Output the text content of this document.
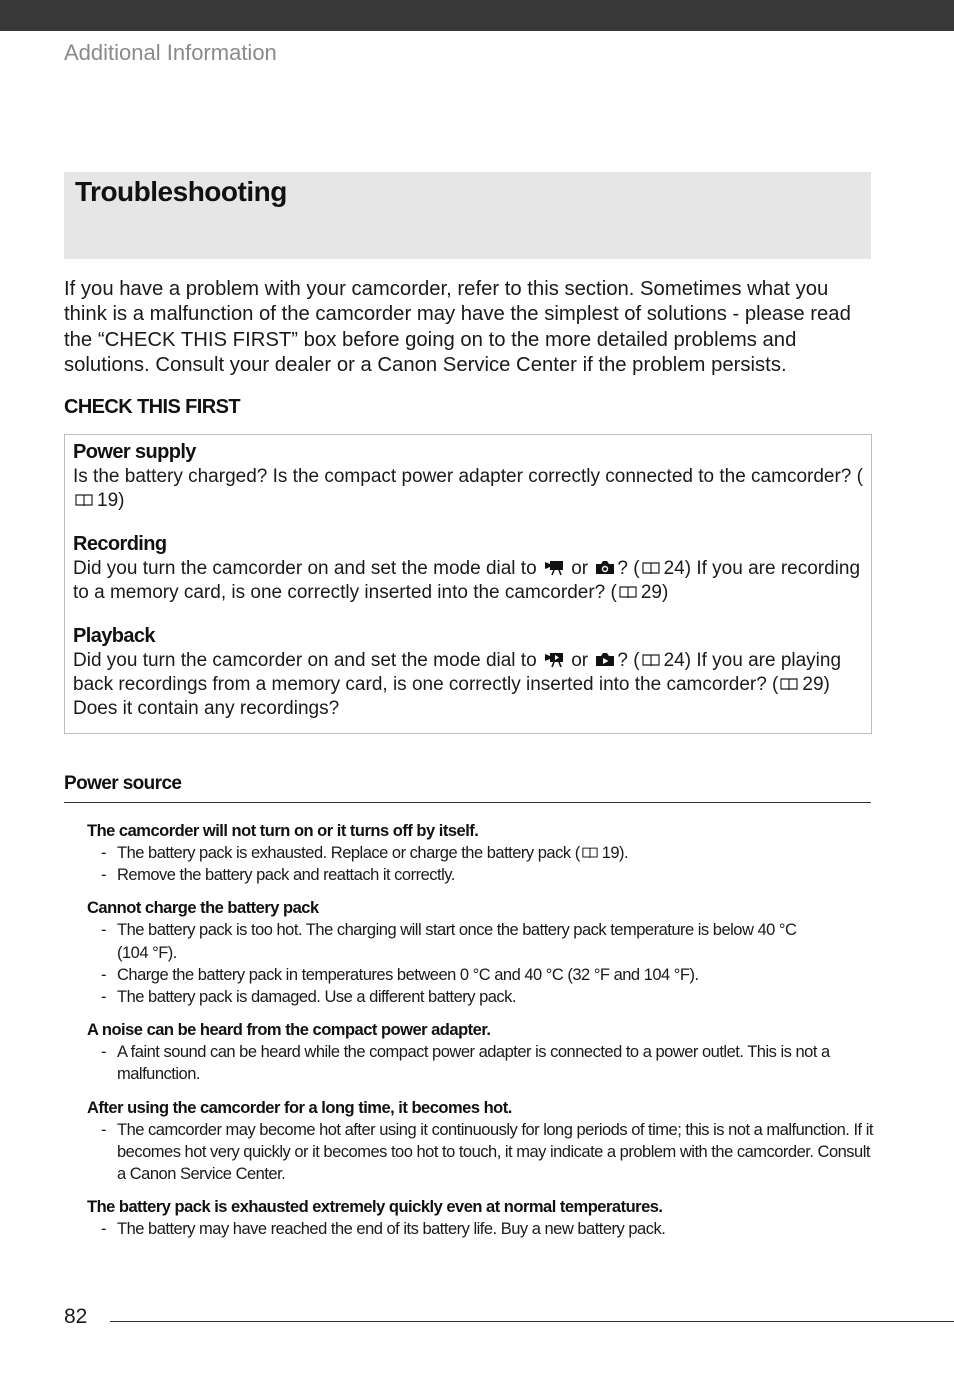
Additional Information
Troubleshooting
If you have a problem with your camcorder, refer to this section. Sometimes what you think is a malfunction of the camcorder may have the simplest of solutions - please read the “CHECK THIS FIRST” box before going on to the more detailed problems and solutions. Consult your dealer or a Canon Service Center if the problem persists.
CHECK THIS FIRST
Power supply
Is the battery charged? Is the compact power adapter correctly connected to the camcorder? (19)
Recording
Did you turn the camcorder on and set the mode dial to or ? ( 24) If you are recording to a memory card, is one correctly inserted into the camcorder? ( 29)
Playback
Did you turn the camcorder on and set the mode dial to or ? ( 24) If you are playing back recordings from a memory card, is one correctly inserted into the camcorder? ( 29) Does it contain any recordings?
Power source
The camcorder will not turn on or it turns off by itself.
- The battery pack is exhausted. Replace or charge the battery pack ( 19).
- Remove the battery pack and reattach it correctly.
Cannot charge the battery pack
- The battery pack is too hot. The charging will start once the battery pack temperature is below 40 °C (104 °F).
- Charge the battery pack in temperatures between 0 °C and 40 °C (32 °F and 104 °F).
- The battery pack is damaged. Use a different battery pack.
A noise can be heard from the compact power adapter.
- A faint sound can be heard while the compact power adapter is connected to a power outlet. This is not a malfunction.
After using the camcorder for a long time, it becomes hot.
- The camcorder may become hot after using it continuously for long periods of time; this is not a malfunction. If it becomes hot very quickly or it becomes too hot to touch, it may indicate a problem with the camcorder. Consult a Canon Service Center.
The battery pack is exhausted extremely quickly even at normal temperatures.
- The battery may have reached the end of its battery life. Buy a new battery pack.
82
